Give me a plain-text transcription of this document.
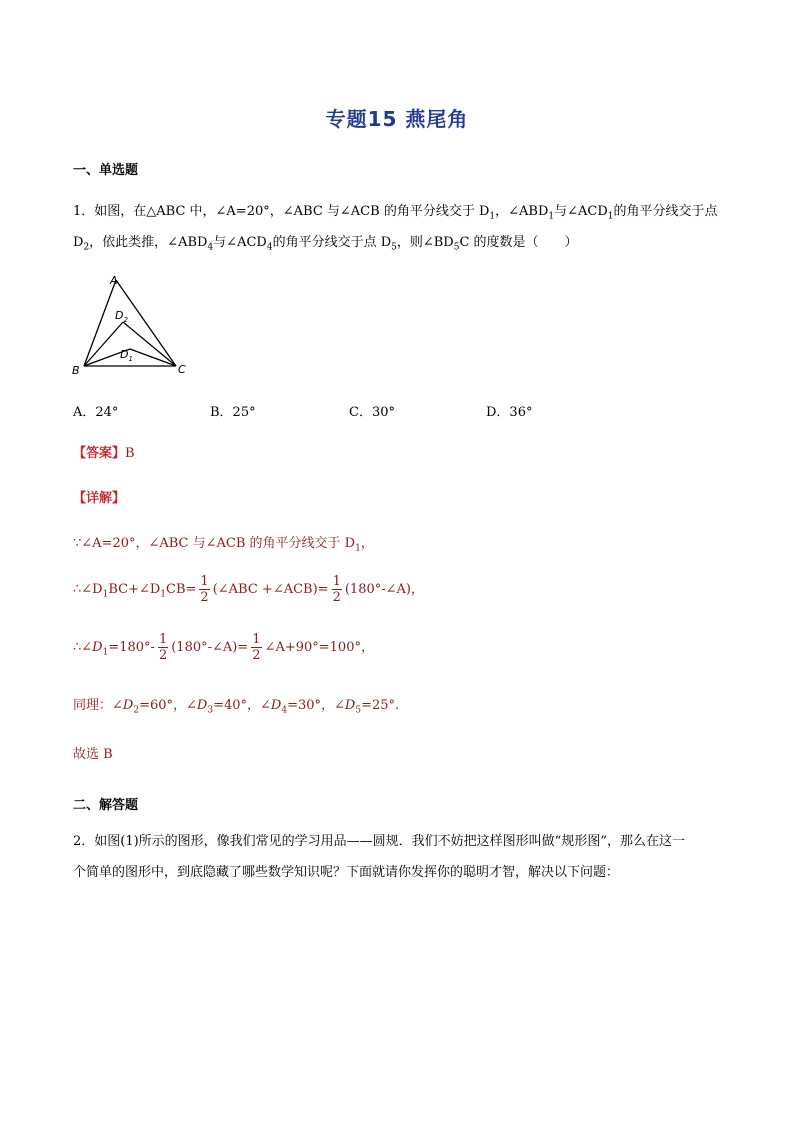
专题15 燕尾角
一、单选题
1．如图，在△ABC 中，∠A=20°，∠ABC 与∠ACB 的角平分线交于 $D_1$，$\angle ABD_1$与$\angle ACD_1$的角平分线交于点
$D_2$，依此类推，$\angle ABD_4$与$\angle ACD_4$的角平分线交于点 $D_5$，则$\angle BD_5C$ 的度数是（　　）
A
B	C
$D_2$
$D_1$
A．24°	B．25°	C．30°	D．36°
【答案】B
【详解】
∵∠A=20°，∠ABC 与∠ACB 的角平分线交于 $D_1$，
$\therefore\angle D_1BC+\angle D_1CB= \frac{1}{2}$ (∠ABC +∠ACB)= $\frac{1}{2}$ (180°-∠A)，
$\therefore\angle D_1=180^\circ- \frac{1}{2}$ (180°-∠A)= $\frac{1}{2}$ ∠A+90°=100°，
同理：$\angle D_2=60^\circ$，$\angle D_3=40^\circ$，$\angle D_4=30^\circ$，$\angle D_5=25^\circ$.
故选 B
二、解答题
2．如图(1)所示的图形，像我们常见的学习用品——圆规．我们不妨把这样图形叫做“规形图”，那么在这一
个简单的图形中，到底隐藏了哪些数学知识呢？下面就请你发挥你的聪明才智，解决以下问题：
